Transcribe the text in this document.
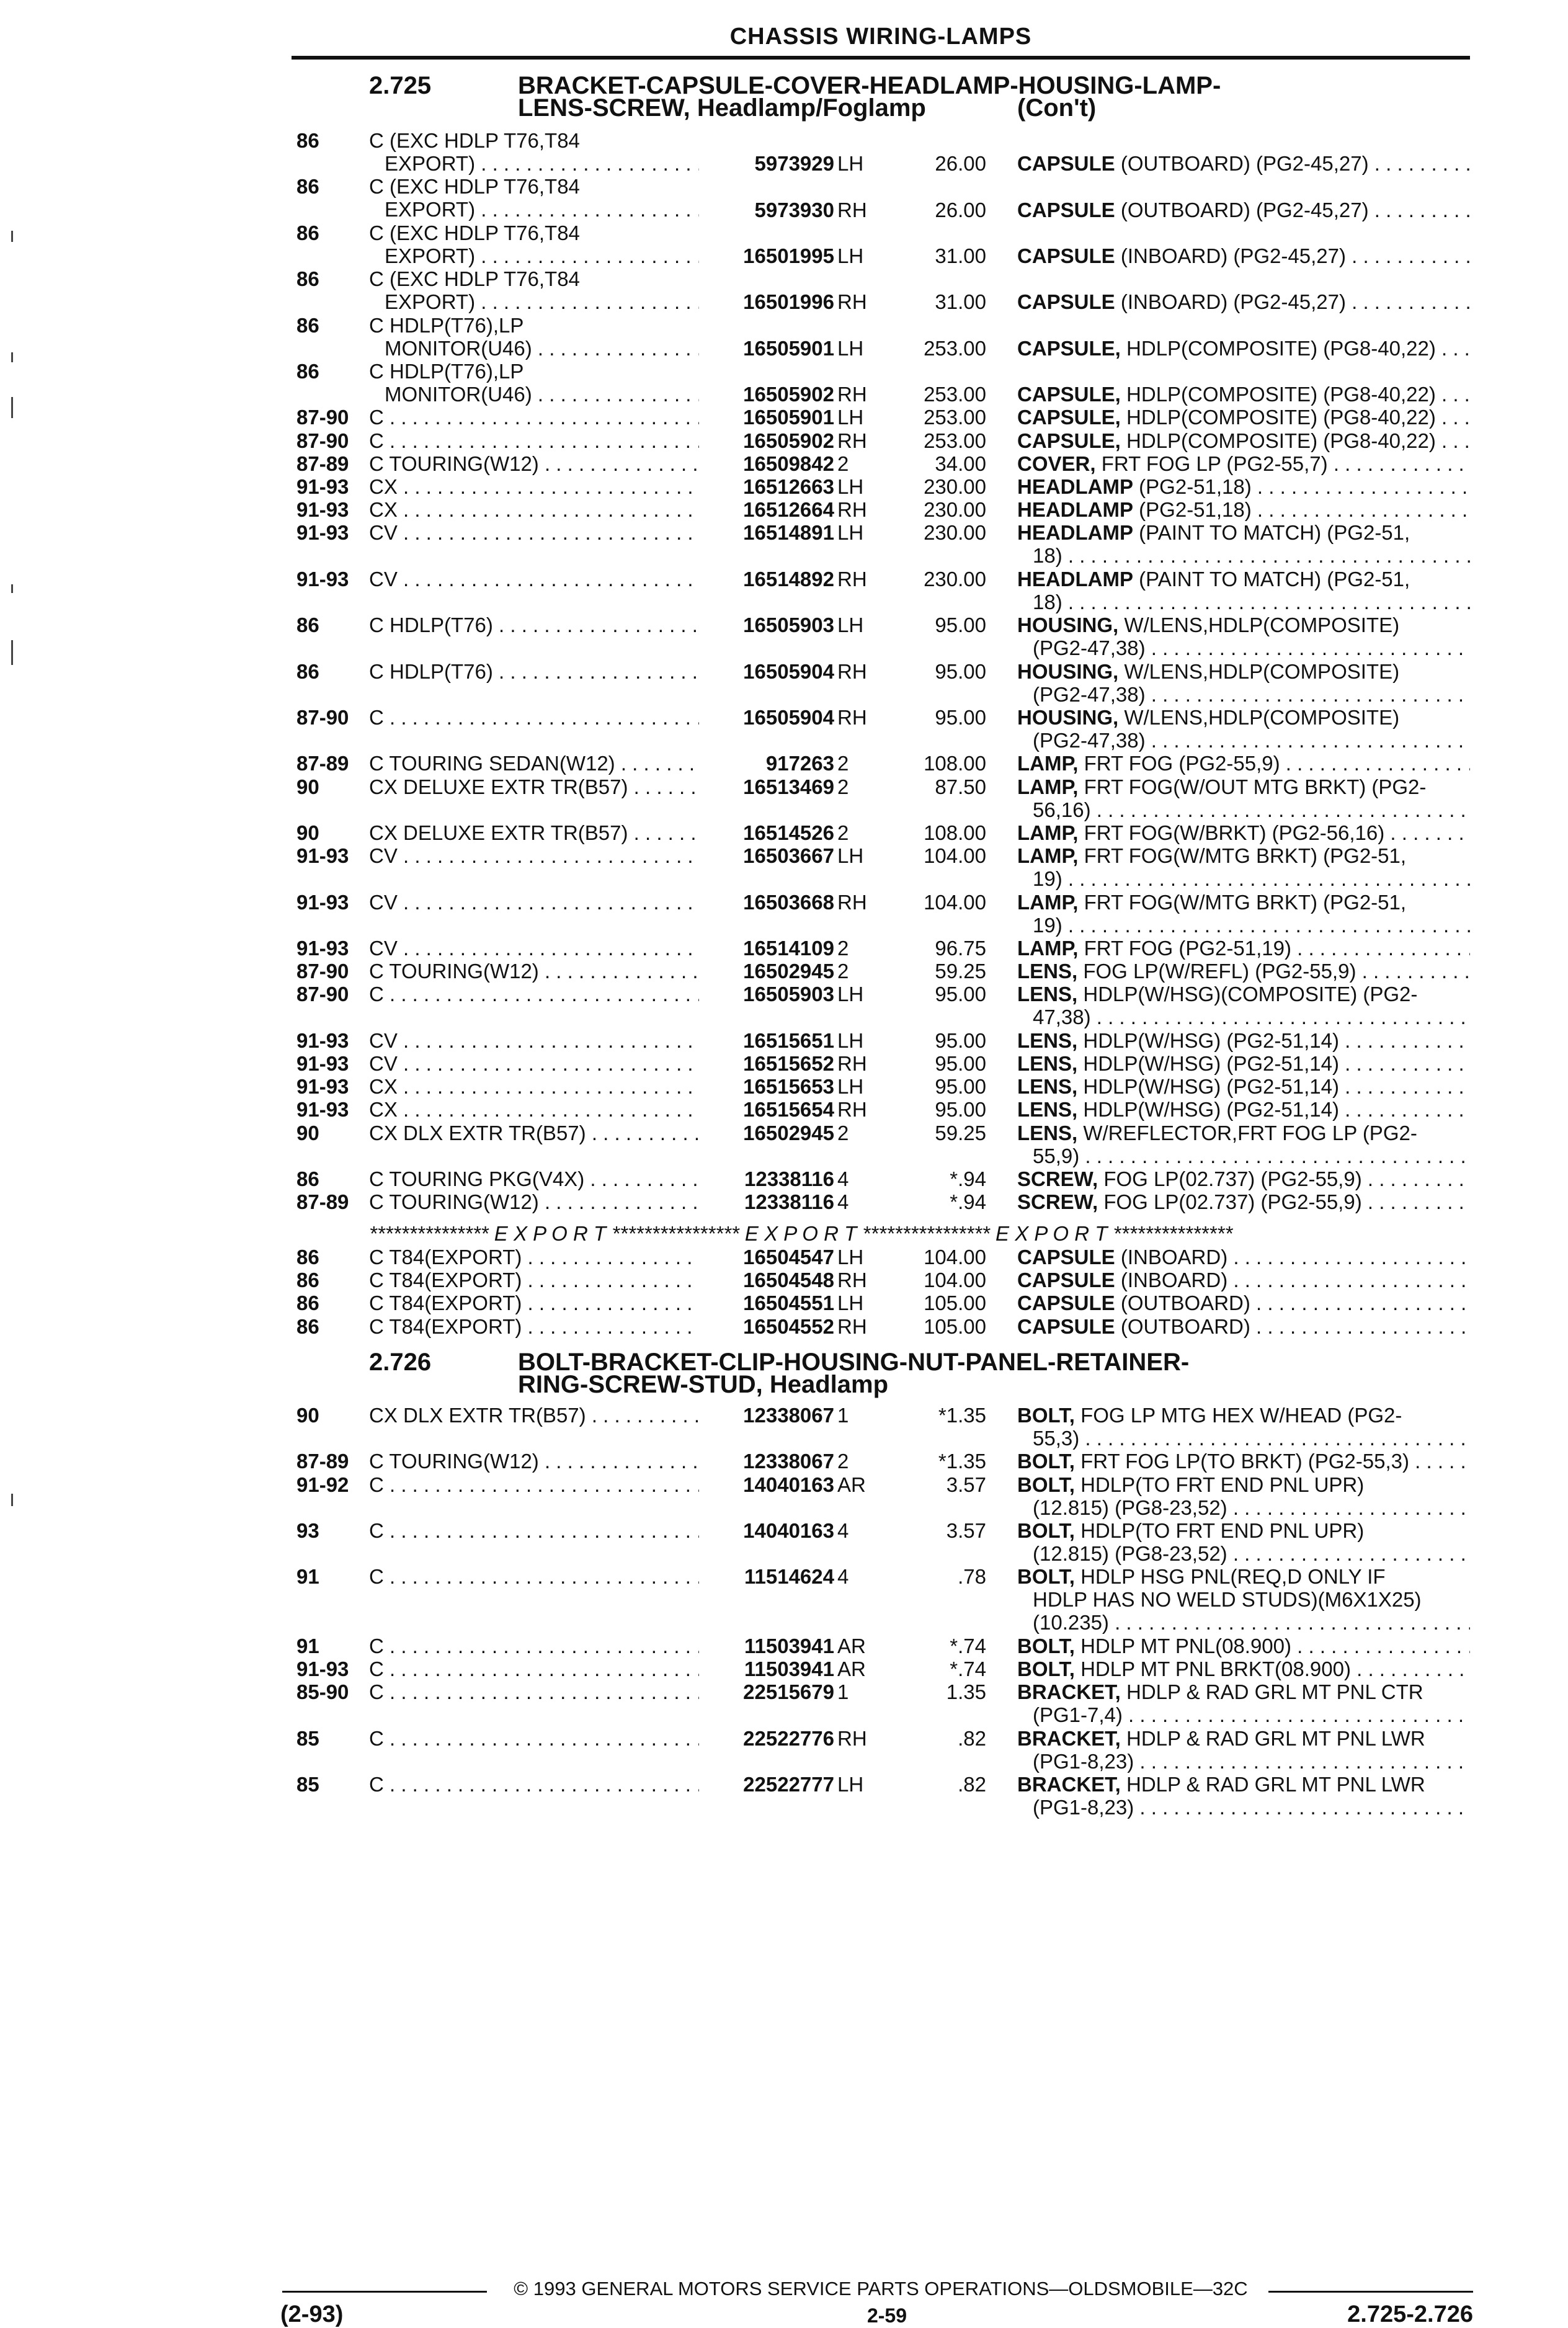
CHASSIS WIRING-LAMPS
2.725	BRACKET-CAPSULE-COVER-HEADLAMP-HOUSING-LAMP-
LENS-SCREW, Headlamp/Foglamp	(Con't)
86 C (EXC HDLP T76,T84
EXPORT) . . .	5973929 LH	26.00 CAPSULE (OUTBOARD) (PG2-45,27) . . .
86 C (EXC HDLP T76,T84
EXPORT) . . .	5973930 RH	26.00 CAPSULE (OUTBOARD) (PG2-45,27) . . .
86 C (EXC HDLP T76,T84
EXPORT) . . .	16501995 LH	31.00 CAPSULE (INBOARD) (PG2-45,27) . . .
86 C (EXC HDLP T76,T84
EXPORT) . . .	16501996 RH	31.00 CAPSULE (INBOARD) (PG2-45,27) . . .
86 C HDLP(T76),LP
MONITOR(U46) . . .	16505901 LH	253.00 CAPSULE, HDLP(COMPOSITE) (PG8-40,22) . . .
86 C HDLP(T76),LP
MONITOR(U46) . . .	16505902 RH	253.00 CAPSULE, HDLP(COMPOSITE) (PG8-40,22) . . .
87-90 C . . .	16505901 LH	253.00 CAPSULE, HDLP(COMPOSITE) (PG8-40,22) . . .
87-90 C . . .	16505902 RH	253.00 CAPSULE, HDLP(COMPOSITE) (PG8-40,22) . . .
87-89 C TOURING(W12) . . .	16509842 2	34.00 COVER, FRT FOG LP (PG2-55,7) . . .
91-93 CX . . .	16512663 LH	230.00 HEADLAMP (PG2-51,18) . . .
91-93 CX . . .	16512664 RH	230.00 HEADLAMP (PG2-51,18) . . .
91-93 CV . . .	16514891 LH	230.00 HEADLAMP (PAINT TO MATCH) (PG2-51,
18) . . .
91-93 CV . . .	16514892 RH	230.00 HEADLAMP (PAINT TO MATCH) (PG2-51,
18) . . .
86 C HDLP(T76) . . .	16505903 LH	95.00 HOUSING, W/LENS,HDLP(COMPOSITE)
(PG2-47,38) . . .
86 C HDLP(T76) . . .	16505904 RH	95.00 HOUSING, W/LENS,HDLP(COMPOSITE)
(PG2-47,38) . . .
87-90 C . . .	16505904 RH	95.00 HOUSING, W/LENS,HDLP(COMPOSITE)
(PG2-47,38) . . .
87-89 C TOURING SEDAN(W12) . . .	917263 2	108.00 LAMP, FRT FOG (PG2-55,9) . . .
90 CX DELUXE EXTR TR(B57) . . .	16513469 2	87.50 LAMP, FRT FOG(W/OUT MTG BRKT) (PG2-
56,16) . . .
90 CX DELUXE EXTR TR(B57) . . .	16514526 2	108.00 LAMP, FRT FOG(W/BRKT) (PG2-56,16) . . .
91-93 CV . . .	16503667 LH	104.00 LAMP, FRT FOG(W/MTG BRKT) (PG2-51,
19) . . .
91-93 CV . . .	16503668 RH	104.00 LAMP, FRT FOG(W/MTG BRKT) (PG2-51,
19) . . .
91-93 CV . . .	16514109 2	96.75 LAMP, FRT FOG (PG2-51,19) . . .
87-90 C TOURING(W12) . . .	16502945 2	59.25 LENS, FOG LP(W/REFL) (PG2-55,9) . . .
87-90 C . . .	16505903 LH	95.00 LENS, HDLP(W/HSG)(COMPOSITE) (PG2-
47,38) . . .
91-93 CV . . .	16515651 LH	95.00 LENS, HDLP(W/HSG) (PG2-51,14) . . .
91-93 CV . . .	16515652 RH	95.00 LENS, HDLP(W/HSG) (PG2-51,14) . . .
91-93 CX . . .	16515653 LH	95.00 LENS, HDLP(W/HSG) (PG2-51,14) . . .
91-93 CX . . .	16515654 RH	95.00 LENS, HDLP(W/HSG) (PG2-51,14) . . .
90 CX DLX EXTR TR(B57) . . .	16502945 2	59.25 LENS, W/REFLECTOR,FRT FOG LP (PG2-
55,9) . . .
86 C TOURING PKG(V4X) . . .	12338116 4	*.94 SCREW, FOG LP(02.737) (PG2-55,9) . . .
87-89 C TOURING(W12) . . .	12338116 4	*.94 SCREW, FOG LP(02.737) (PG2-55,9) . . .
*************** E X P O R T **************** E X P O R T **************** E X P O R T ***************
86 C T84(EXPORT) . . .	16504547 LH	104.00 CAPSULE (INBOARD) . . .
86 C T84(EXPORT) . . .	16504548 RH	104.00 CAPSULE (INBOARD) . . .
86 C T84(EXPORT) . . .	16504551 LH	105.00 CAPSULE (OUTBOARD) . . .
86 C T84(EXPORT) . . .	16504552 RH	105.00 CAPSULE (OUTBOARD) . . .
2.726	BOLT-BRACKET-CLIP-HOUSING-NUT-PANEL-RETAINER-
RING-SCREW-STUD, Headlamp
90 CX DLX EXTR TR(B57) . . .	12338067 1	*1.35 BOLT, FOG LP MTG HEX W/HEAD (PG2-
55,3) . . .
87-89 C TOURING(W12) . . .	12338067 2	*1.35 BOLT, FRT FOG LP(TO BRKT) (PG2-55,3) . . . .
91-92 C . . .	14040163 AR	3.57 BOLT, HDLP(TO FRT END PNL UPR)
(12.815) (PG8-23,52) . . .
93 C . . .	14040163 4	3.57 BOLT, HDLP(TO FRT END PNL UPR)
(12.815) (PG8-23,52) . . .
91 C . . .	11514624 4	.78 BOLT, HDLP HSG PNL(REQ,D ONLY IF
HDLP HAS NO WELD STUDS)(M6X1X25)
(10.235) . . .
91 C . . .	11503941 AR	*.74 BOLT, HDLP MT PNL(08.900) . . .
91-93 C . . .	11503941 AR	*.74 BOLT, HDLP MT PNL BRKT(08.900) . . .
85-90 C . . .	22515679 1	1.35 BRACKET, HDLP & RAD GRL MT PNL CTR
(PG1-7,4) . . .
85 C . . .	22522776 RH	.82 BRACKET, HDLP & RAD GRL MT PNL LWR
(PG1-8,23) . . .
85 C . . .	22522777 LH	.82 BRACKET, HDLP & RAD GRL MT PNL LWR
(PG1-8,23) . . .
© 1993 GENERAL MOTORS SERVICE PARTS OPERATIONS—OLDSMOBILE—32C
(2-93)	2-59	2.725-2.726
